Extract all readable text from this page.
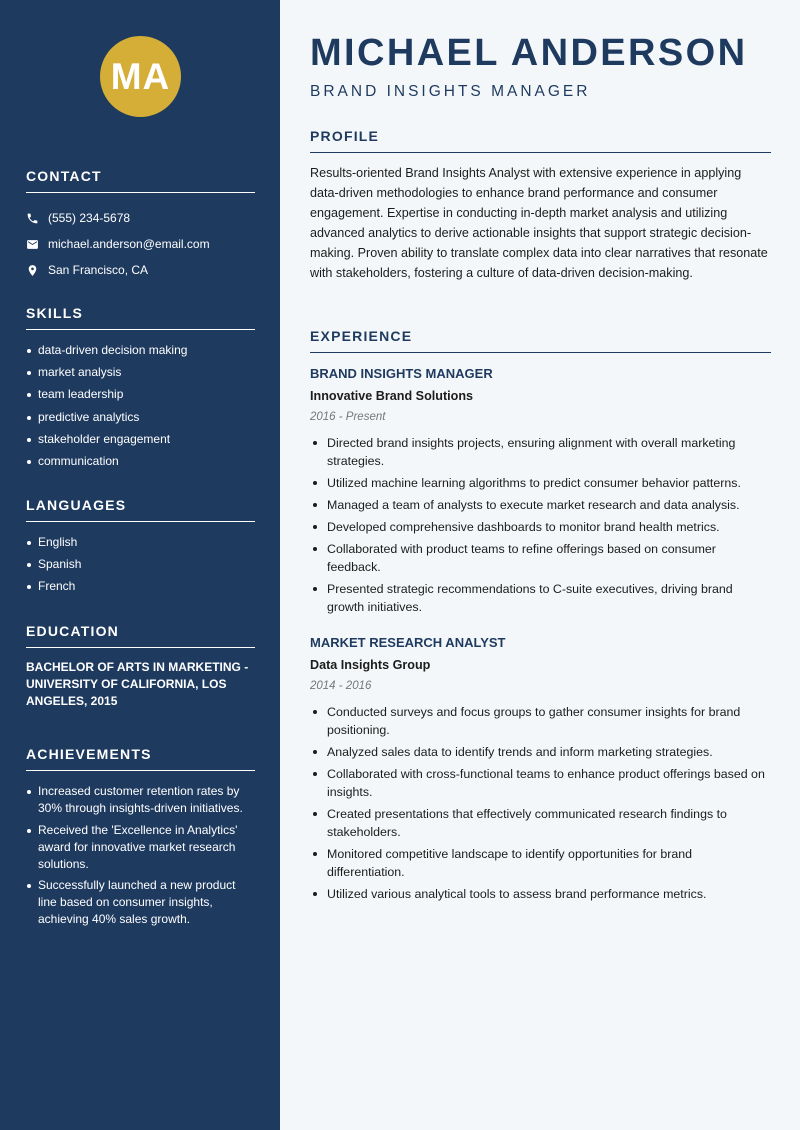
MA
CONTACT
(555) 234-5678
michael.anderson@email.com
San Francisco, CA
SKILLS
data-driven decision making
market analysis
team leadership
predictive analytics
stakeholder engagement
communication
LANGUAGES
English
Spanish
French
EDUCATION

BACHELOR OF ARTS IN MARKETING - UNIVERSITY OF CALIFORNIA, LOS ANGELES, 2015

ACHIEVEMENTS
Increased customer retention rates by 30% through insights-driven initiatives.
Received the 'Excellence in Analytics' award for innovative market research solutions.
Successfully launched a new product line based on consumer insights, achieving 40% sales growth.
MICHAEL ANDERSON
BRAND INSIGHTS MANAGER
PROFILE

Results-oriented Brand Insights Analyst with extensive experience in applying data-driven methodologies to enhance brand performance and consumer engagement. Expertise in conducting in-depth market analysis and utilizing advanced analytics to derive actionable insights that support strategic decision-making. Proven ability to translate complex data into clear narratives that resonate with stakeholders, fostering a culture of data-driven decision-making.

EXPERIENCE
BRAND INSIGHTS MANAGER
Innovative Brand Solutions
2016 - Present
Directed brand insights projects, ensuring alignment with overall marketing strategies.
Utilized machine learning algorithms to predict consumer behavior patterns.
Managed a team of analysts to execute market research and data analysis.
Developed comprehensive dashboards to monitor brand health metrics.
Collaborated with product teams to refine offerings based on consumer feedback.
Presented strategic recommendations to C-suite executives, driving brand growth initiatives.
MARKET RESEARCH ANALYST
Data Insights Group
2014 - 2016
Conducted surveys and focus groups to gather consumer insights for brand positioning.
Analyzed sales data to identify trends and inform marketing strategies.
Collaborated with cross-functional teams to enhance product offerings based on insights.
Created presentations that effectively communicated research findings to stakeholders.
Monitored competitive landscape to identify opportunities for brand differentiation.
Utilized various analytical tools to assess brand performance metrics.
